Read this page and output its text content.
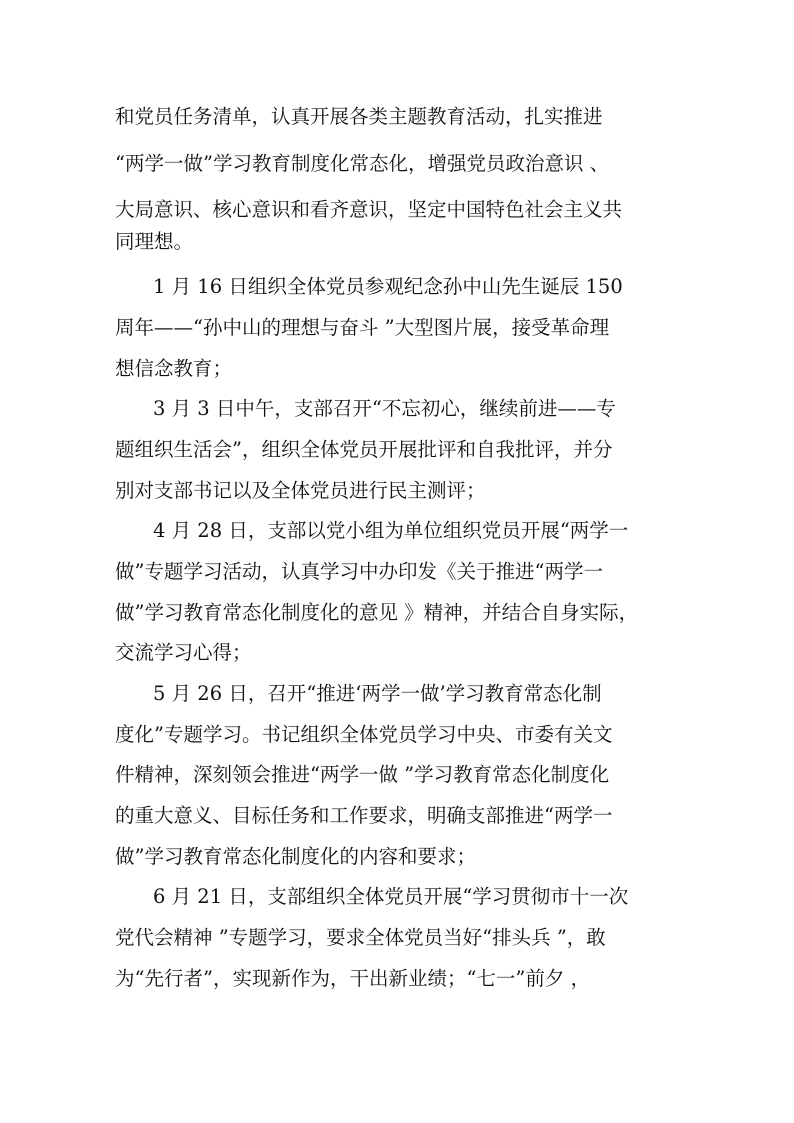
和党员任务清单，认真开展各类主题教育活动，扎实推进
“两学一做”学习教育制度化常态化，增强党员政治意识 、
大局意识、核心意识和看齐意识，坚定中国特色社会主义共
同理想。
1 月 16 日组织全体党员参观纪念孙中山先生诞辰 150
周年——“孙中山的理想与奋斗 ”大型图片展，接受革命理
想信念教育；
3 月 3 日中午，支部召开“不忘初心，继续前进——专
题组织生活会”，组织全体党员开展批评和自我批评，并分
别对支部书记以及全体党员进行民主测评；
4 月 28 日，支部以党小组为单位组织党员开展“两学一
做”专题学习活动，认真学习中办印发《关于推进“两学一
做”学习教育常态化制度化的意见 》精神，并结合自身实际，
交流学习心得；
5 月 26 日，召开“推进‘两学一做’学习教育常态化制
度化”专题学习。书记组织全体党员学习中央、市委有关文
件精神，深刻领会推进“两学一做 ”学习教育常态化制度化
的重大意义、目标任务和工作要求，明确支部推进“两学一
做”学习教育常态化制度化的内容和要求；
6 月 21 日，支部组织全体党员开展“学习贯彻市十一次
党代会精神 ”专题学习，要求全体党员当好“排头兵 ”，敢
为“先行者”，实现新作为，干出新业绩；“七一”前夕 ，
